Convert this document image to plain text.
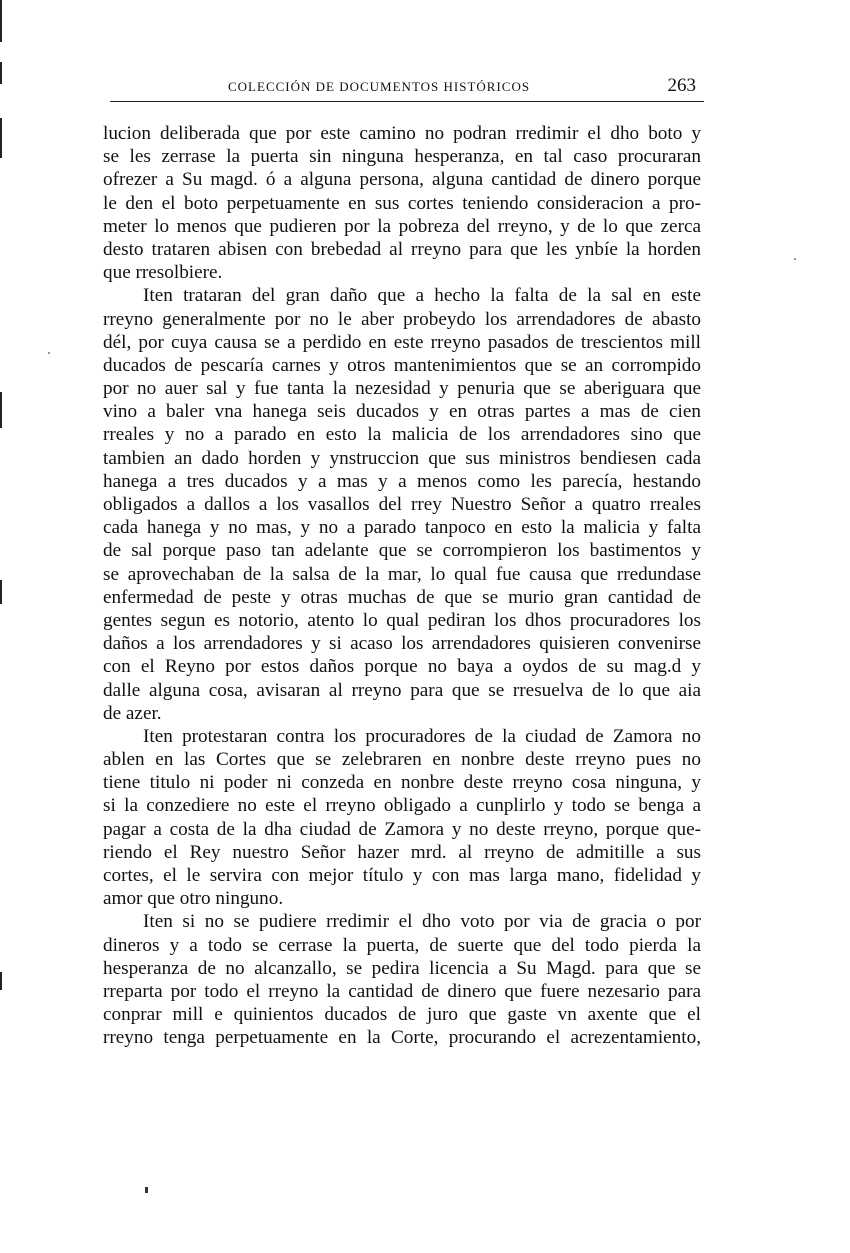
COLECCIÓN DE DOCUMENTOS HISTÓRICOS	263
lucion deliberada que por este camino no podran rredimir el dho boto y
se les zerrase la puerta sin ninguna hesperanza, en tal caso procuraran
ofrezer a Su magd. ó a alguna persona, alguna cantidad de dinero porque
le den el boto perpetuamente en sus cortes teniendo consideracion a pro-
meter lo menos que pudieren por la pobreza del rreyno, y de lo que zerca
desto trataren abisen con brebedad al rreyno para que les ynbíe la horden
que rresolbiere.
Iten trataran del gran daño que a hecho la falta de la sal en este
rreyno generalmente por no le aber probeydo los arrendadores de abasto
dél, por cuya causa se a perdido en este rreyno pasados de trescientos mill
ducados de pescaría carnes y otros mantenimientos que se an corrompido
por no auer sal y fue tanta la nezesidad y penuria que se aberiguara que
vino a baler vna hanega seis ducados y en otras partes a mas de cien
rreales y no a parado en esto la malicia de los arrendadores sino que
tambien an dado horden y ynstruccion que sus ministros bendiesen cada
hanega a tres ducados y a mas y a menos como les parecía, hestando
obligados a dallos a los vasallos del rrey Nuestro Señor a quatro rreales
cada hanega y no mas, y no a parado tanpoco en esto la malicia y falta
de sal porque paso tan adelante que se corrompieron los bastimentos y
se aprovechaban de la salsa de la mar, lo qual fue causa que rredundase
enfermedad de peste y otras muchas de que se murio gran cantidad de
gentes segun es notorio, atento lo qual pediran los dhos procuradores los
daños a los arrendadores y si acaso los arrendadores quisieren convenirse
con el Reyno por estos daños porque no baya a oydos de su mag.d y
dalle alguna cosa, avisaran al rreyno para que se rresuelva de lo que aia
de azer.
Iten protestaran contra los procuradores de la ciudad de Zamora no
ablen en las Cortes que se zelebraren en nonbre deste rreyno pues no
tiene titulo ni poder ni conzeda en nonbre deste rreyno cosa ninguna, y
si la conzediere no este el rreyno obligado a cunplirlo y todo se benga a
pagar a costa de la dha ciudad de Zamora y no deste rreyno, porque que-
riendo el Rey nuestro Señor hazer mrd. al rreyno de admitille a sus
cortes, el le servira con mejor título y con mas larga mano, fidelidad y
amor que otro ninguno.
Iten si no se pudiere rredimir el dho voto por via de gracia o por
dineros y a todo se cerrase la puerta, de suerte que del todo pierda la
hesperanza de no alcanzallo, se pedira licencia a Su Magd. para que se
rreparta por todo el rreyno la cantidad de dinero que fuere nezesario para
conprar mill e quinientos ducados de juro que gaste vn axente que el
rreyno tenga perpetuamente en la Corte, procurando el acrezentamiento,
